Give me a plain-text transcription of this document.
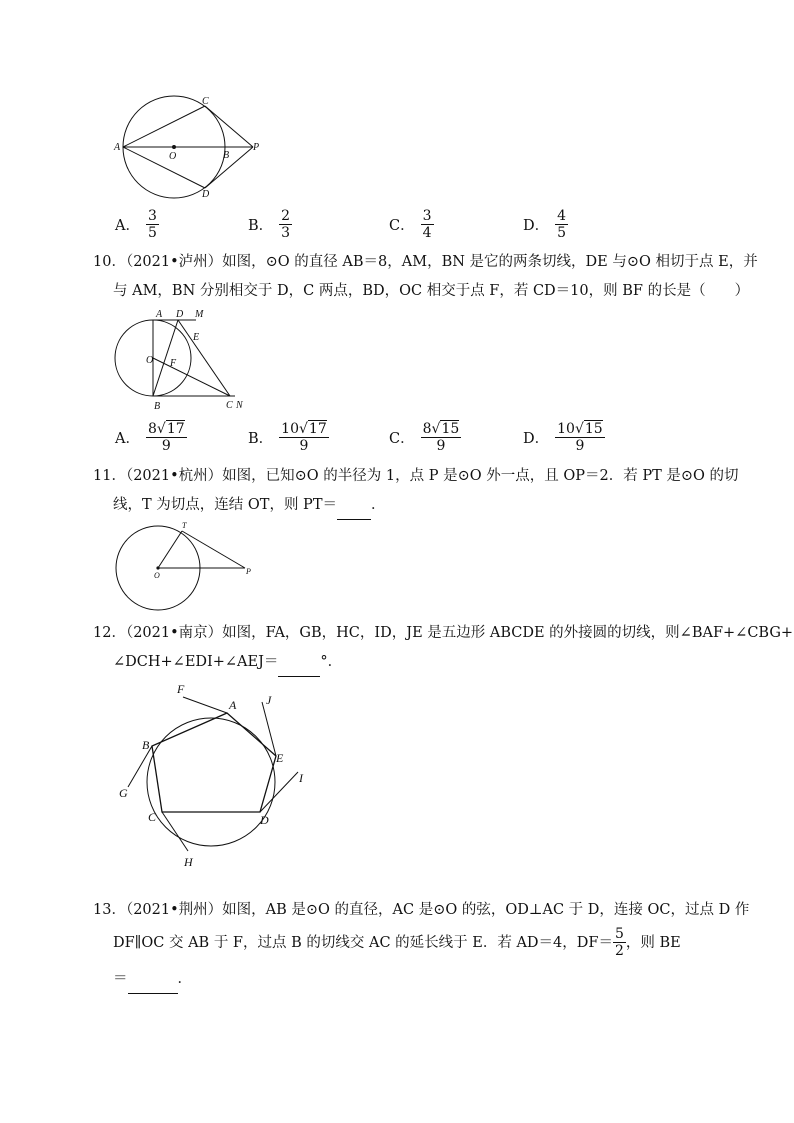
A
O	B
C
D
P
A． $\frac{3}{5}$	B． $\frac{2}{3}$	C． $\frac{3}{4}$	D． $\frac{4}{5}$
10．（2021•泸州）如图，⊙O 的直径 AB＝8，AM，BN 是它的两条切线，DE 与⊙O 相切于点 E，并
与 AM，BN 分别相交于 D，C 两点，BD，OC 相交于点 F，若 CD＝10，则 BF 的长是（　　）
A D M
E
O F
B	C N
A． $\frac{8√17}{9}$	B． $\frac{10√17}{9}$	C． $\frac{8√15}{9}$	D． $\frac{10√15}{9}$
11．（2021•杭州）如图，已知⊙O 的半径为 1，点 P 是⊙O 外一点，且 OP＝2．若 PT 是⊙O 的切
线，T 为切点，连结 OT，则 PT＝ ．
T
O	P
12．（2021•南京）如图，FA，GB，HC，ID，JE 是五边形 ABCDE 的外接圆的切线，则∠BAF+∠CBG+
∠DCH+∠EDI+∠AEJ＝	°．
F
A J
B
E
I
G
C	D
H
13．（2021•荆州）如图，AB 是⊙O 的直径，AC 是⊙O 的弦，OD⊥AC 于 D，连接 OC，过点 D 作
DF∥OC 交 AB 于 F，过点 B 的切线交 AC 的延长线于 E．若 AD＝4，$DF= \frac{5}{2}$ ，则 BE
＝	．
